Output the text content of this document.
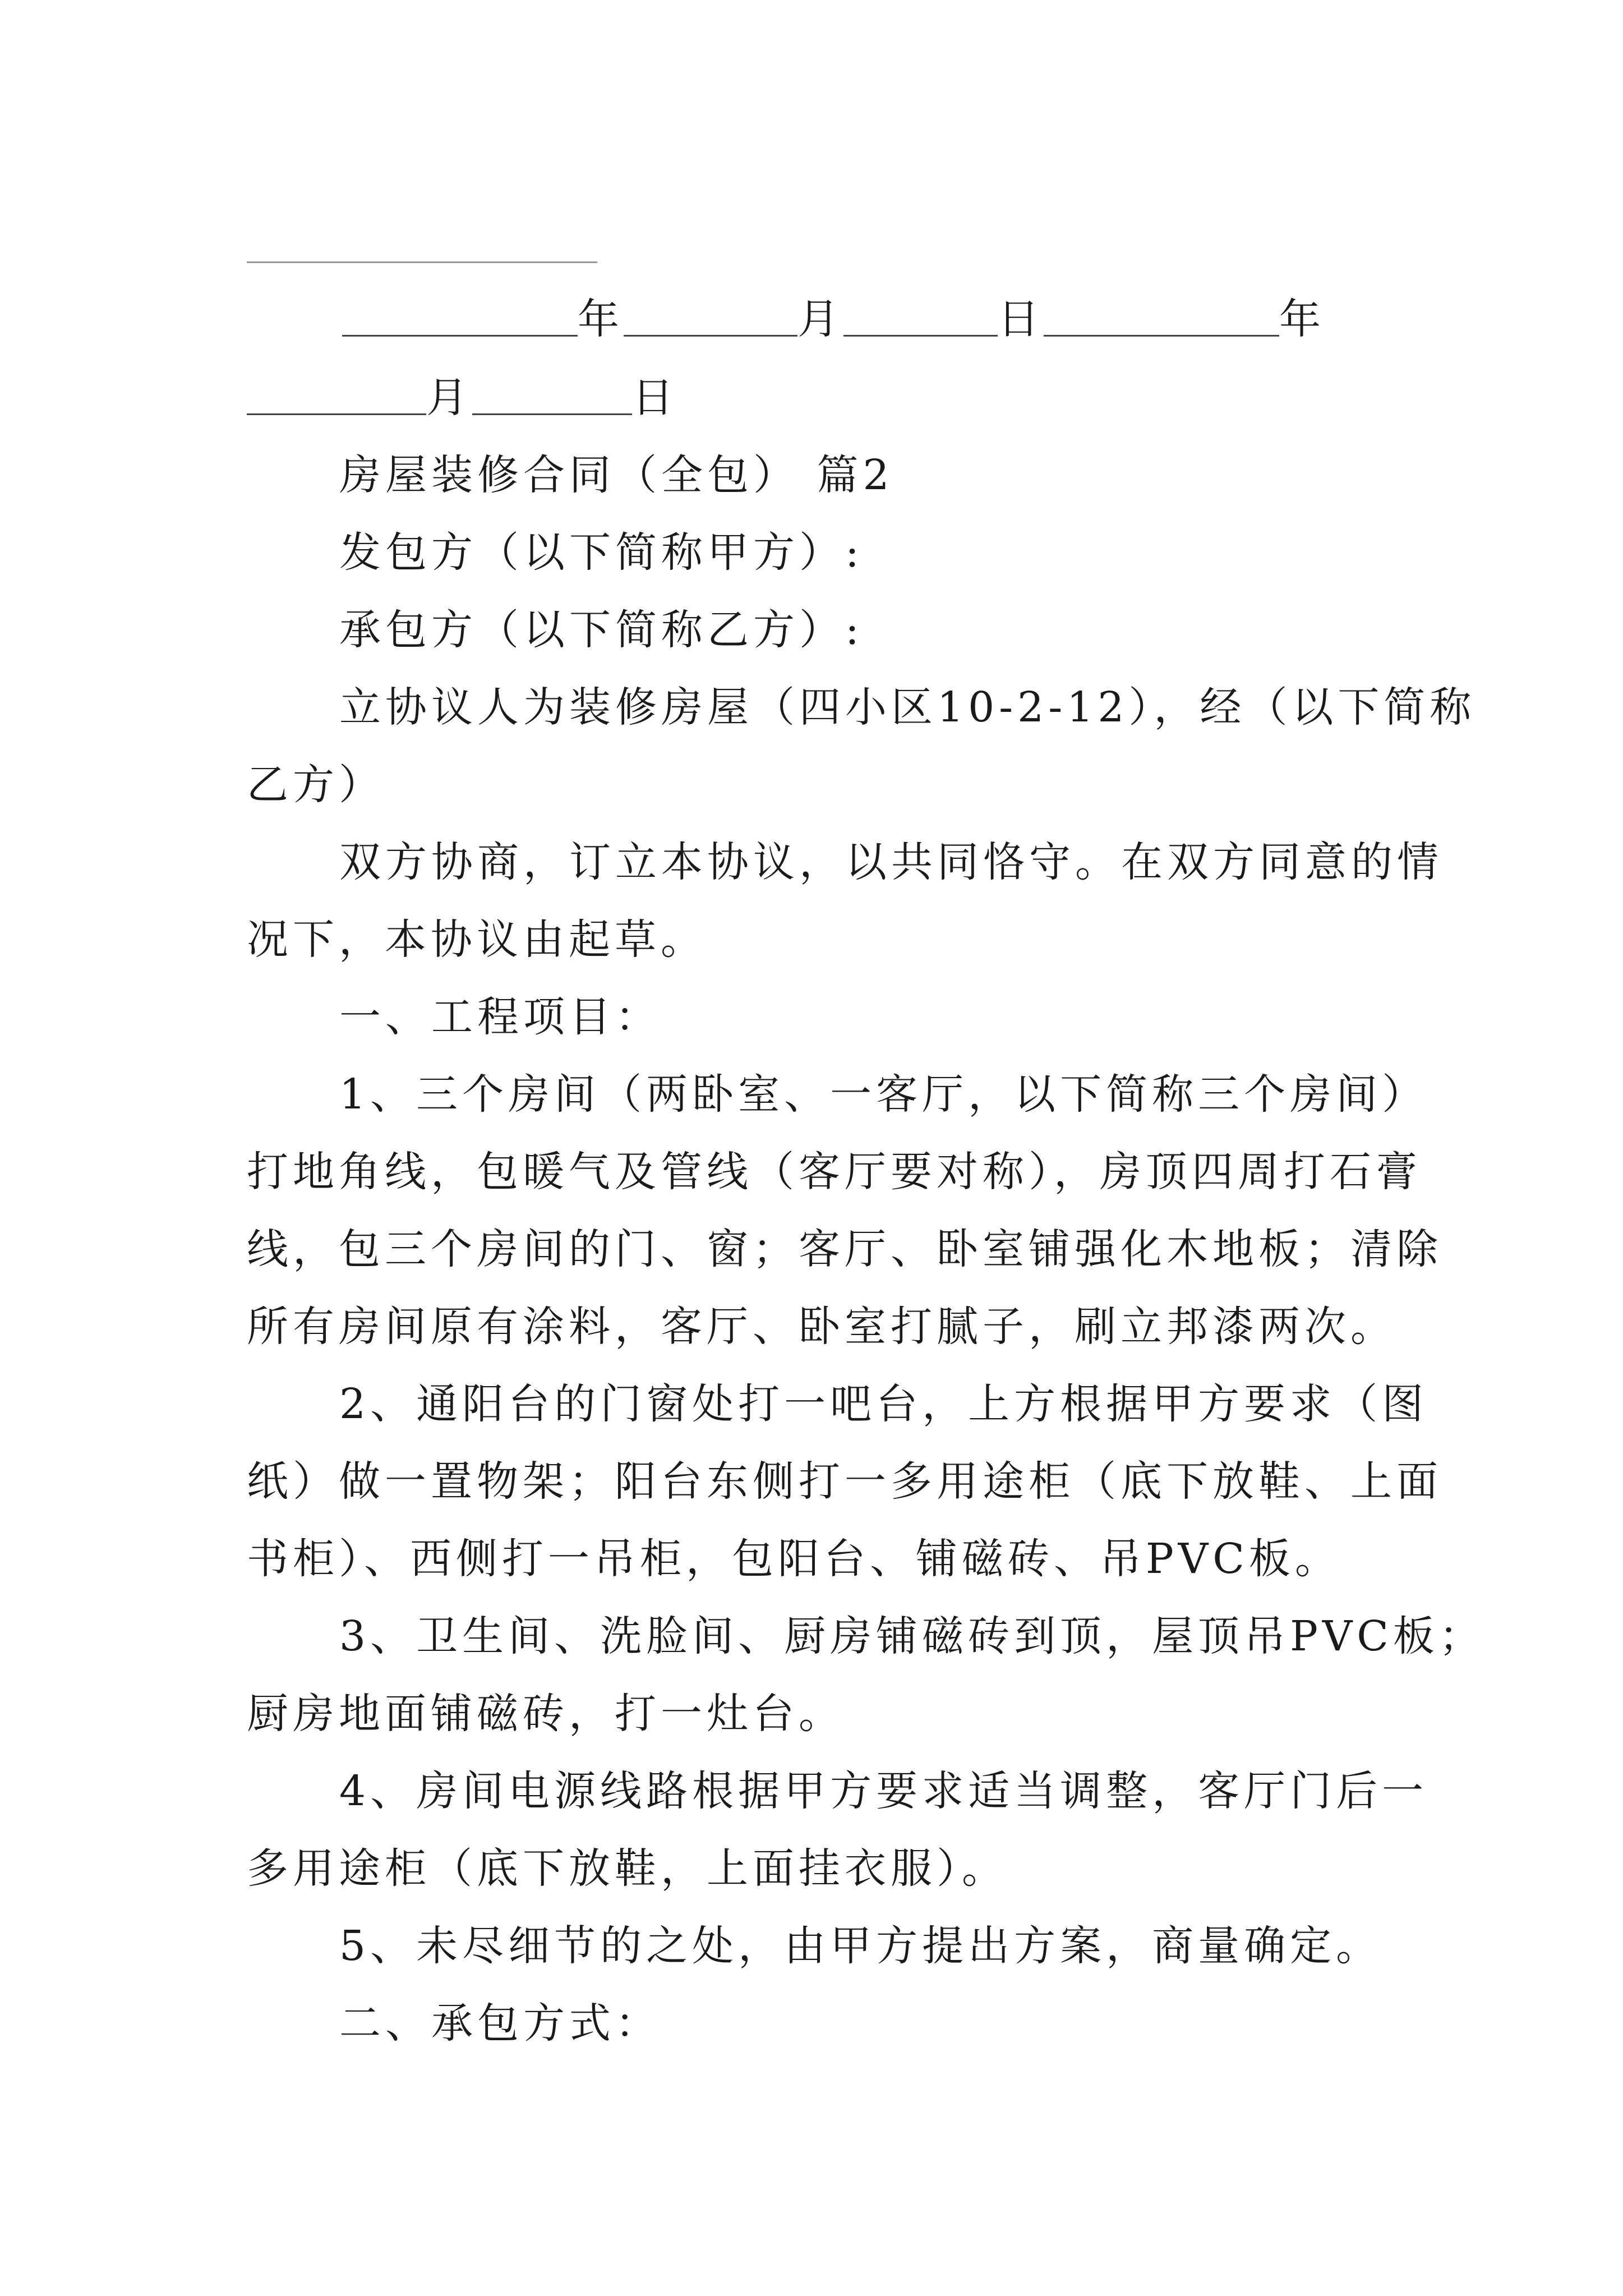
年	月	日	年
月	日
房屋装修合同（全包） 篇2
发包方（以下简称甲方）:
承包方（以下简称乙方）:
立协议人为装修房屋（四小区10-2-12），经（以下简称
乙方）
双方协商，订立本协议，以共同恪守。在双方同意的情
况下，本协议由起草。
一、工程项目：
1、三个房间（两卧室、一客厅，以下简称三个房间）
打地角线，包暖气及管线（客厅要对称），房顶四周打石膏
线，包三个房间的门、窗；客厅、卧室铺强化木地板；清除
所有房间原有涂料，客厅、卧室打腻子，刷立邦漆两次。
2、通阳台的门窗处打一吧台，上方根据甲方要求（图
纸）做一置物架；阳台东侧打一多用途柜（底下放鞋、上面
书柜）、西侧打一吊柜，包阳台、铺磁砖、吊PVC板。
3、卫生间、洗脸间、厨房铺磁砖到顶，屋顶吊PVC板；
厨房地面铺磁砖，打一灶台。
4、房间电源线路根据甲方要求适当调整，客厅门后一
多用途柜（底下放鞋，上面挂衣服）。
5、未尽细节的之处，由甲方提出方案，商量确定。
二、承包方式：
